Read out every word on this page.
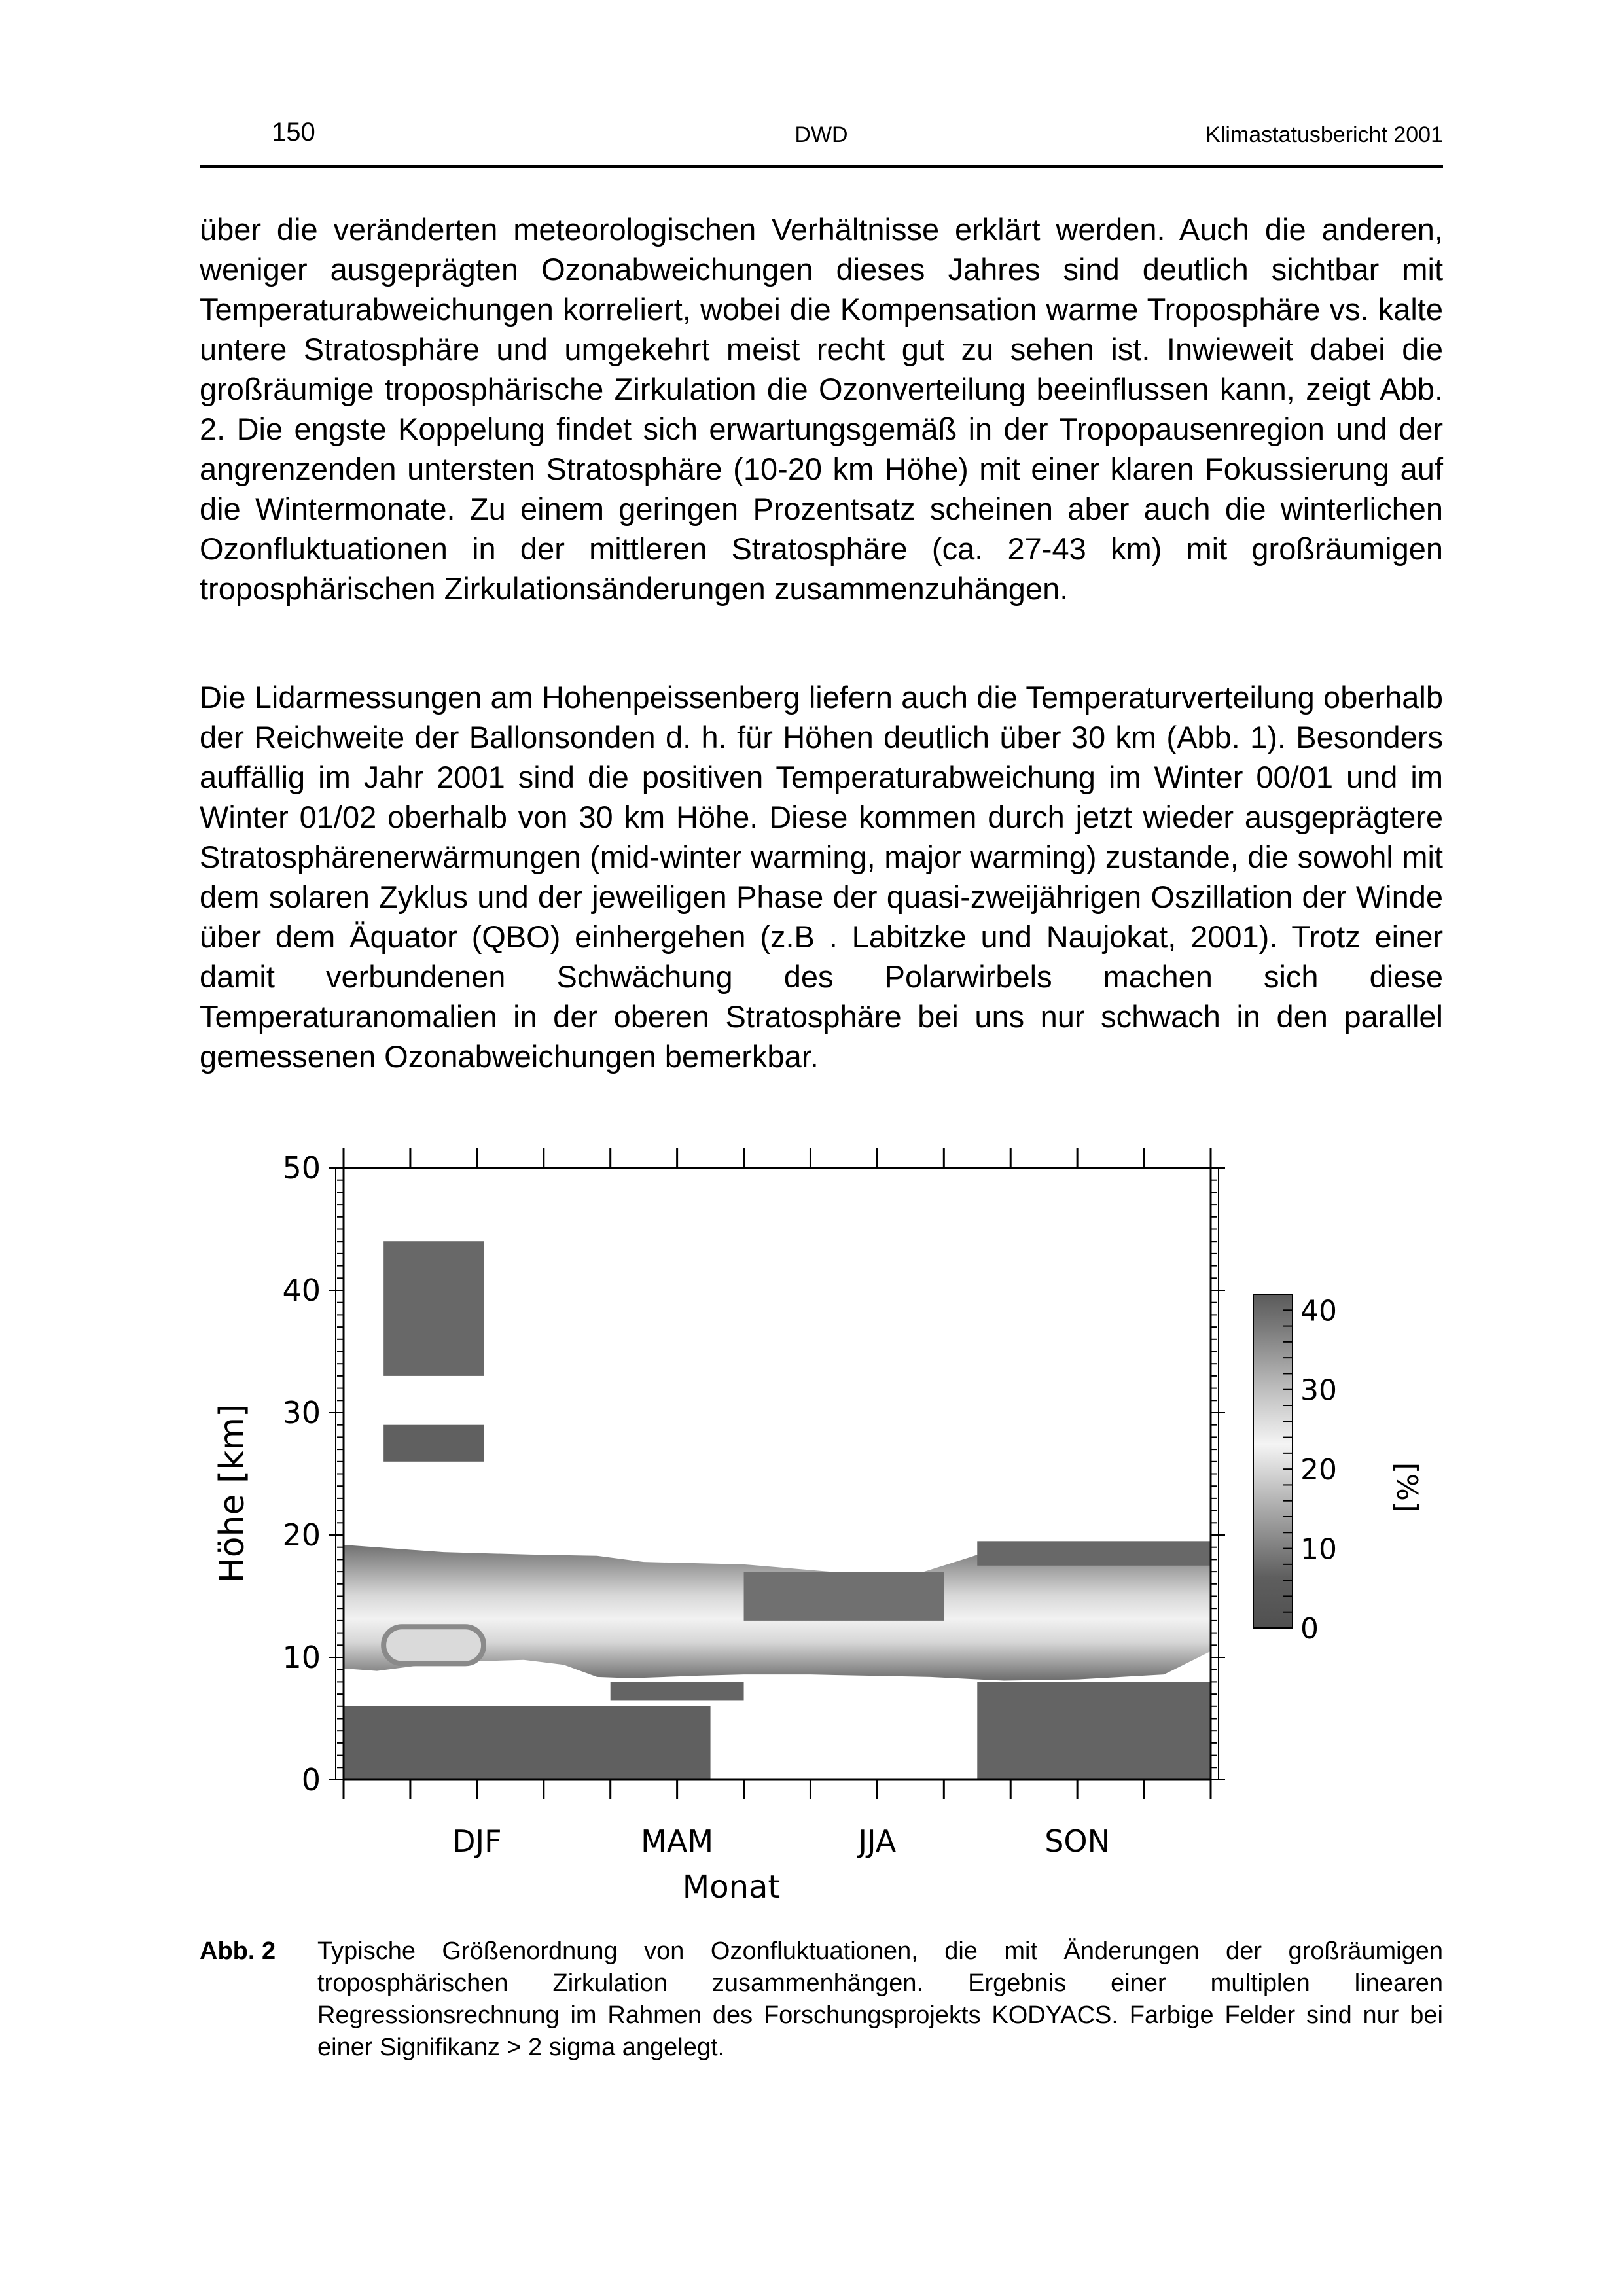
150	DWD	Klimastatusbericht 2001

über die veränderten meteorologischen Verhältnisse erklärt werden. Auch die anderen, weniger ausgeprägten Ozonabweichungen dieses Jahres sind deutlich sichtbar mit Temperaturabweichungen korreliert, wobei die Kompensation warme Troposphäre vs. kalte untere Stratosphäre und umgekehrt meist recht gut zu sehen ist. Inwieweit dabei die großräumige troposphärische Zirkulation die Ozonverteilung beeinflussen kann, zeigt Abb. 2. Die engste Koppelung findet sich erwartungsgemäß in der Tropopausenregion und der angrenzenden untersten Stratosphäre (10-20 km Höhe) mit einer klaren Fokussierung auf die Wintermonate. Zu einem geringen Prozentsatz scheinen aber auch die winterlichen Ozonfluktuationen in der mittleren Stratosphäre (ca. 27-43 km) mit großräumigen troposphärischen Zirkulationsänderungen zusammenzuhängen.

Die Lidarmessungen am Hohenpeissenberg liefern auch die Temperaturverteilung oberhalb der Reichweite der Ballonsonden d. h. für Höhen deutlich über 30 km (Abb. 1). Besonders auffällig im Jahr 2001 sind die positiven Temperaturabweichung im Winter 00/01 und im Winter 01/02 oberhalb von 30 km Höhe. Diese kommen durch jetzt wieder ausgeprägtere Stratosphärenerwärmungen (mid-winter warming, major warming) zustande, die sowohl mit dem solaren Zyklus und der jeweiligen Phase der quasi-zweijährigen Oszillation der Winde über dem Äquator (QBO) einhergehen (z.B . Labitzke und Naujokat, 2001). Trotz einer damit verbundenen Schwächung des Polarwirbels machen sich diese Temperaturanomalien in der oberen Stratosphäre bei uns nur schwach in den parallel gemessenen Ozonabweichungen bemerkbar.

0
10
20
30
40
50
DJF	MAM	JJA	SON
Monat
Höhe [km]
0
10
20
30
40
[%]
Abb. 2 Typische Größenordnung von Ozonfluktuationen, die mit Änderungen der großräumigen troposphärischen Zirkulation zusammenhängen. Ergebnis einer multiplen linearen Regressionsrechnung im Rahmen des Forschungsprojekts KODYACS. Farbige Felder sind nur bei einer Signifikanz > 2 sigma angelegt.
